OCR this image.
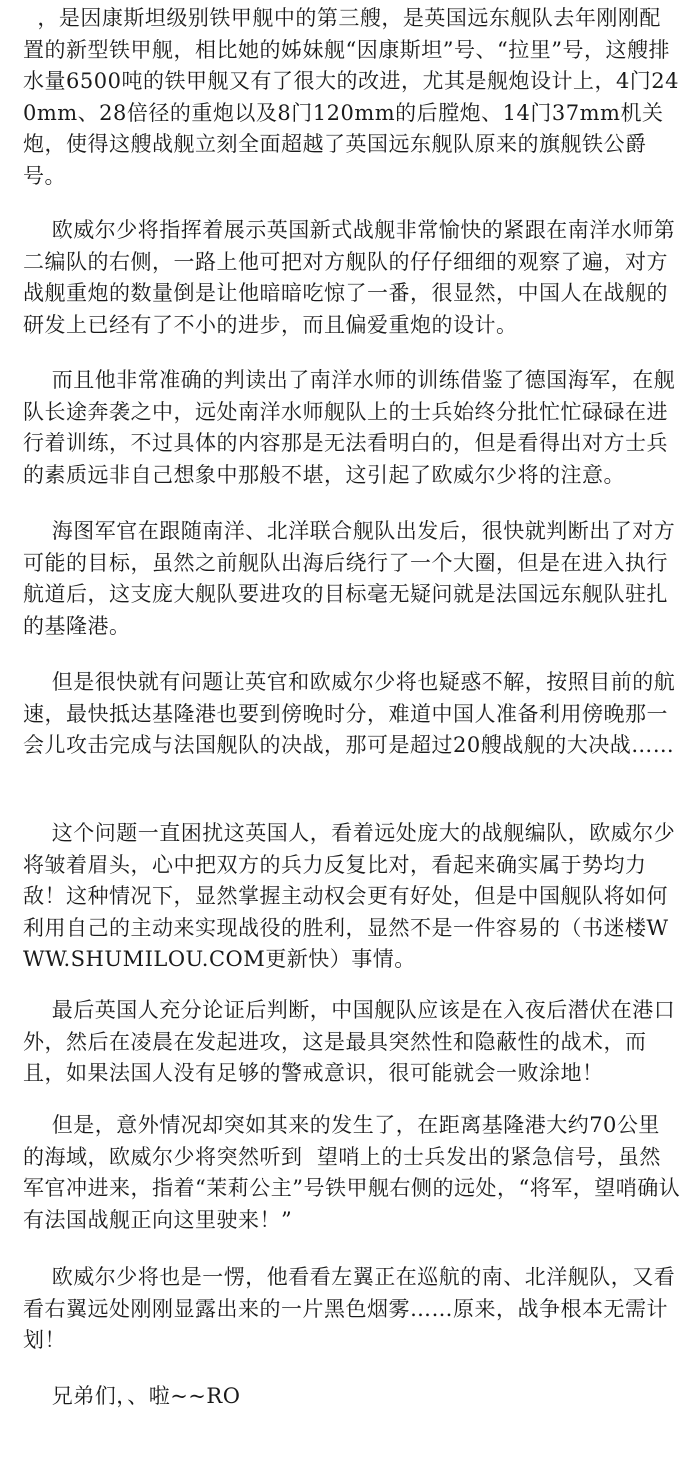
，是因康斯坦级别铁甲舰中的第三艘，是英国远东舰队去年刚刚配置的新型铁甲舰，相比她的姊妹舰“因康斯坦”号、“拉里”号，这艘排水量6500吨的铁甲舰又有了很大的改进，尤其是舰炮设计上，4门240mm、28倍径的重炮以及8门120mm的后膛炮、14门37mm机关炮，使得这艘战舰立刻全面超越了英国远东舰队原来的旗舰铁公爵号。

欧威尔少将指挥着展示英国新式战舰非常愉快的紧跟在南洋水师第二编队的右侧，一路上他可把对方舰队的仔仔细细的观察了遍，对方战舰重炮的数量倒是让他暗暗吃惊了一番，很显然，中国人在战舰的研发上已经有了不小的进步，而且偏爱重炮的设计。

而且他非常准确的判读出了南洋水师的训练借鉴了德国海军，在舰队长途奔袭之中，远处南洋水师舰队上的士兵始终分批忙忙碌碌在进行着训练，不过具体的内容那是无法看明白的，但是看得出对方士兵的素质远非自己想象中那般不堪，这引起了欧威尔少将的注意。

海图军官在跟随南洋、北洋联合舰队出发后，很快就判断出了对方可能的目标，虽然之前舰队出海后绕行了一个大圈，但是在进入执行航道后，这支庞大舰队要进攻的目标毫无疑问就是法国远东舰队驻扎的基隆港。

但是很快就有问题让英官和欧威尔少将也疑惑不解，按照目前的航速，最快抵达基隆港也要到傍晚时分，难道中国人准备利用傍晚那一会儿攻击完成与法国舰队的决战，那可是超过20艘战舰的大决战……

这个问题一直困扰这英国人，看着远处庞大的战舰编队，欧威尔少将皱着眉头，心中把双方的兵力反复比对，看起来确实属于势均力敌！这种情况下，显然掌握主动权会更有好处，但是中国舰队将如何利用自己的主动来实现战役的胜利，显然不是一件容易的（书迷楼WWW.SHUMILOU.COM更新快）事情。

最后英国人充分论证后判断，中国舰队应该是在入夜后潜伏在港口外，然后在凌晨在发起进攻，这是最具突然性和隐蔽性的战术，而且，如果法国人没有足够的警戒意识，很可能就会一败涂地！

但是，意外情况却突如其来的发生了，在距离基隆港大约70公里的海域，欧威尔少将突然听到  望哨上的士兵发出的紧急信号，虽然军官冲进来，指着“茉莉公主”号铁甲舰右侧的远处，“将军，望哨确认有法国战舰正向这里驶来！”

欧威尔少将也是一愣，他看看左翼正在巡航的南、北洋舰队，又看看右翼远处刚刚显露出来的一片黑色烟雾……原来，战争根本无需计划！

兄弟们，、啦~~RO
